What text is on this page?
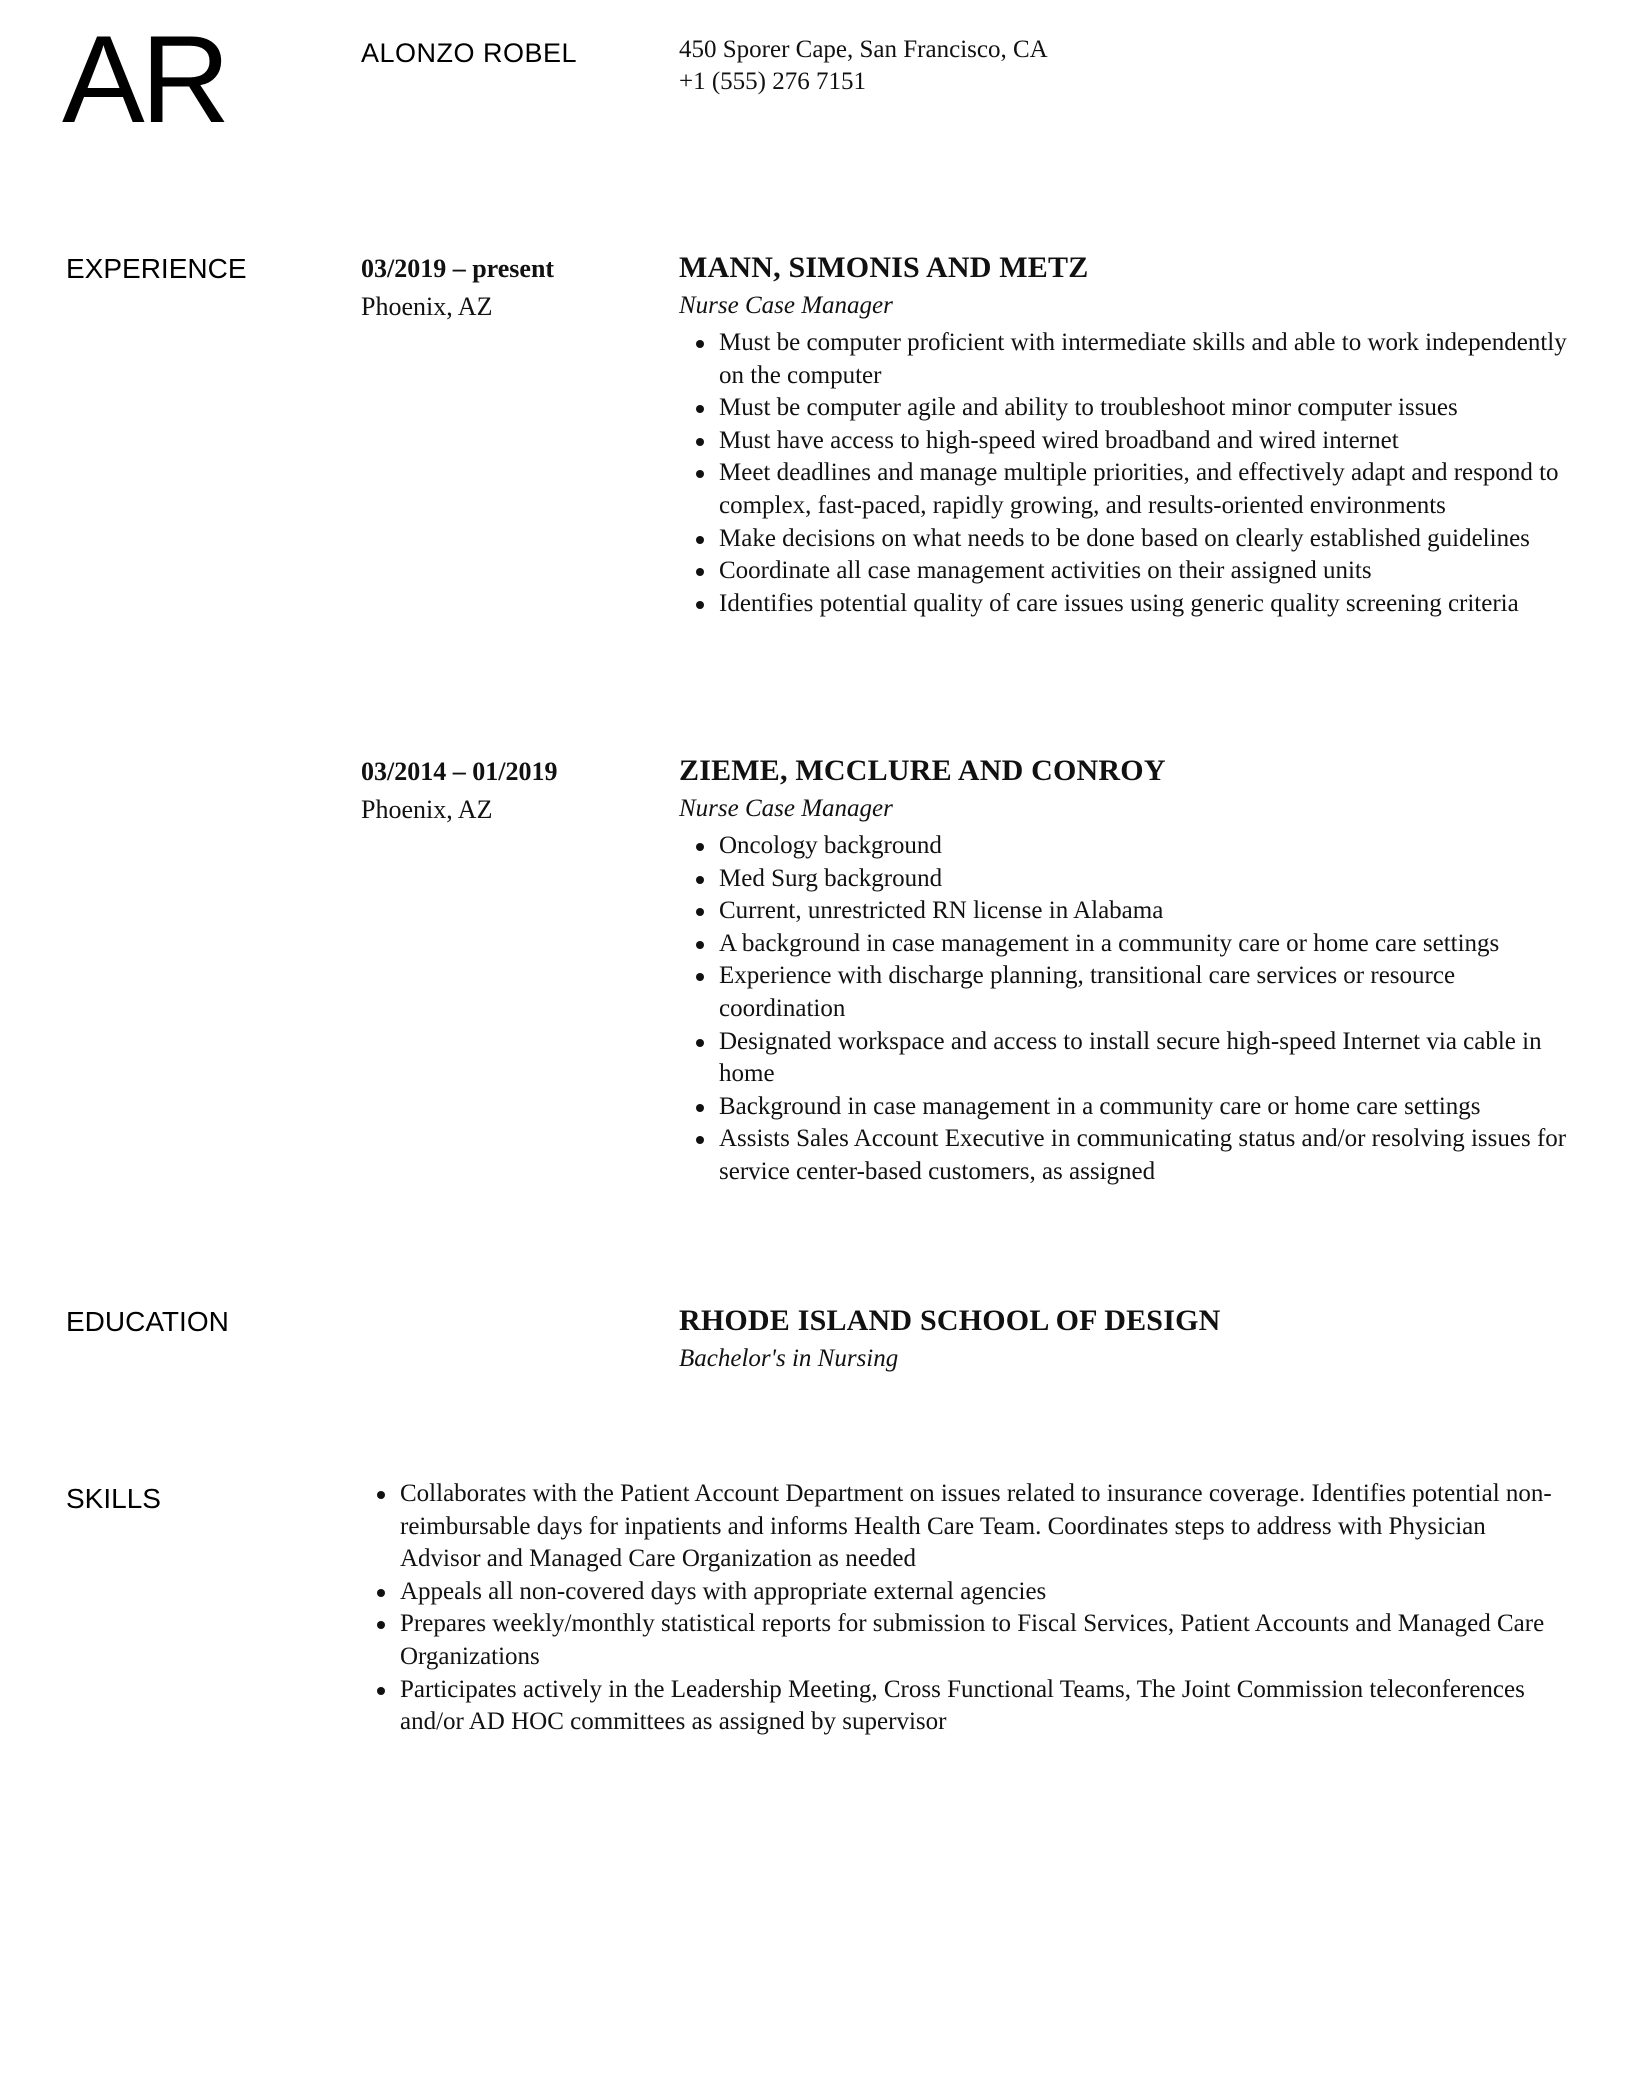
AR	ALONZO ROBEL	450 Sporer Cape, San Francisco, CA
+1 (555) 276 7151
EXPERIENCE	03/2019 – present
Phoenix, AZ
MANN, SIMONIS AND METZ
Nurse Case Manager
Must be computer proficient with intermediate skills and able to work independently on the computer
Must be computer agile and ability to troubleshoot minor computer issues
Must have access to high-speed wired broadband and wired internet
Meet deadlines and manage multiple priorities, and effectively adapt and respond to complex, fast-paced, rapidly growing, and results-oriented environments
Make decisions on what needs to be done based on clearly established guidelines
Coordinate all case management activities on their assigned units
Identifies potential quality of care issues using generic quality screening criteria
03/2014 – 01/2019
Phoenix, AZ
ZIEME, MCCLURE AND CONROY
Nurse Case Manager
Oncology background
Med Surg background
Current, unrestricted RN license in Alabama
A background in case management in a community care or home care settings
Experience with discharge planning, transitional care services or resource coordination
Designated workspace and access to install secure high-speed Internet via cable in home
Background in case management in a community care or home care settings
Assists Sales Account Executive in communicating status and/or resolving issues for service center-based customers, as assigned
EDUCATION	RHODE ISLAND SCHOOL OF DESIGN
Bachelor's in Nursing
SKILLS	Collaborates with the Patient Account Department on issues related to insurance coverage. Identifies potential non-reimbursable days for inpatients and informs Health Care Team. Coordinates steps to address with Physician Advisor and Managed Care Organization as needed
Appeals all non-covered days with appropriate external agencies
Prepares weekly/monthly statistical reports for submission to Fiscal Services, Patient Accounts and Managed Care Organizations
Participates actively in the Leadership Meeting, Cross Functional Teams, The Joint Commission teleconferences and/or AD HOC committees as assigned by supervisor
